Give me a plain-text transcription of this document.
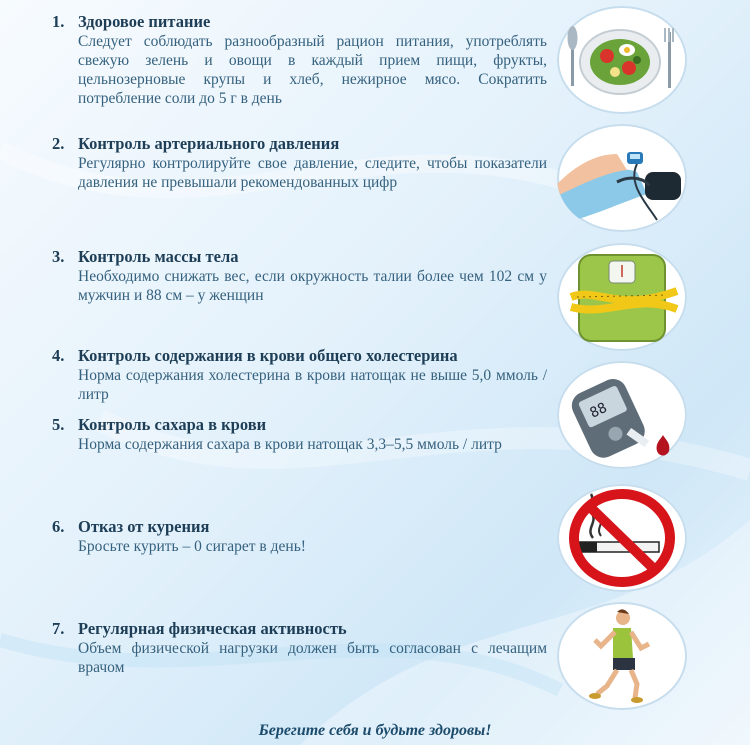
1. Здоровое питание
Следует соблюдать разнообразный рацион питания, употреблять свежую зелень и овощи в каждый прием пищи, фрукты, цельнозерновые крупы и хлеб, нежирное мясо. Сократить потребление соли до 5 г в день
2. Контроль артериального давления
Регулярно контролируйте свое давление, следите, чтобы показатели давления не превышали рекомендованных цифр
3. Контроль массы тела
Необходимо снижать вес, если окружность талии более чем 102 см у мужчин и 88 см – у женщин
4. Контроль содержания в крови общего холестерина
Норма содержания холестерина в крови натощак не выше 5,0 ммоль / литр
5. Контроль сахара в крови
Норма содержания сахара в крови натощак 3,3–5,5 ммоль / литр
6. Отказ от курения
Бросьте курить – 0 сигарет в день!
7. Регулярная физическая активность
Объем физической нагрузки должен быть согласован с лечащим врачом
88
Берегите себя и будьте здоровы!
